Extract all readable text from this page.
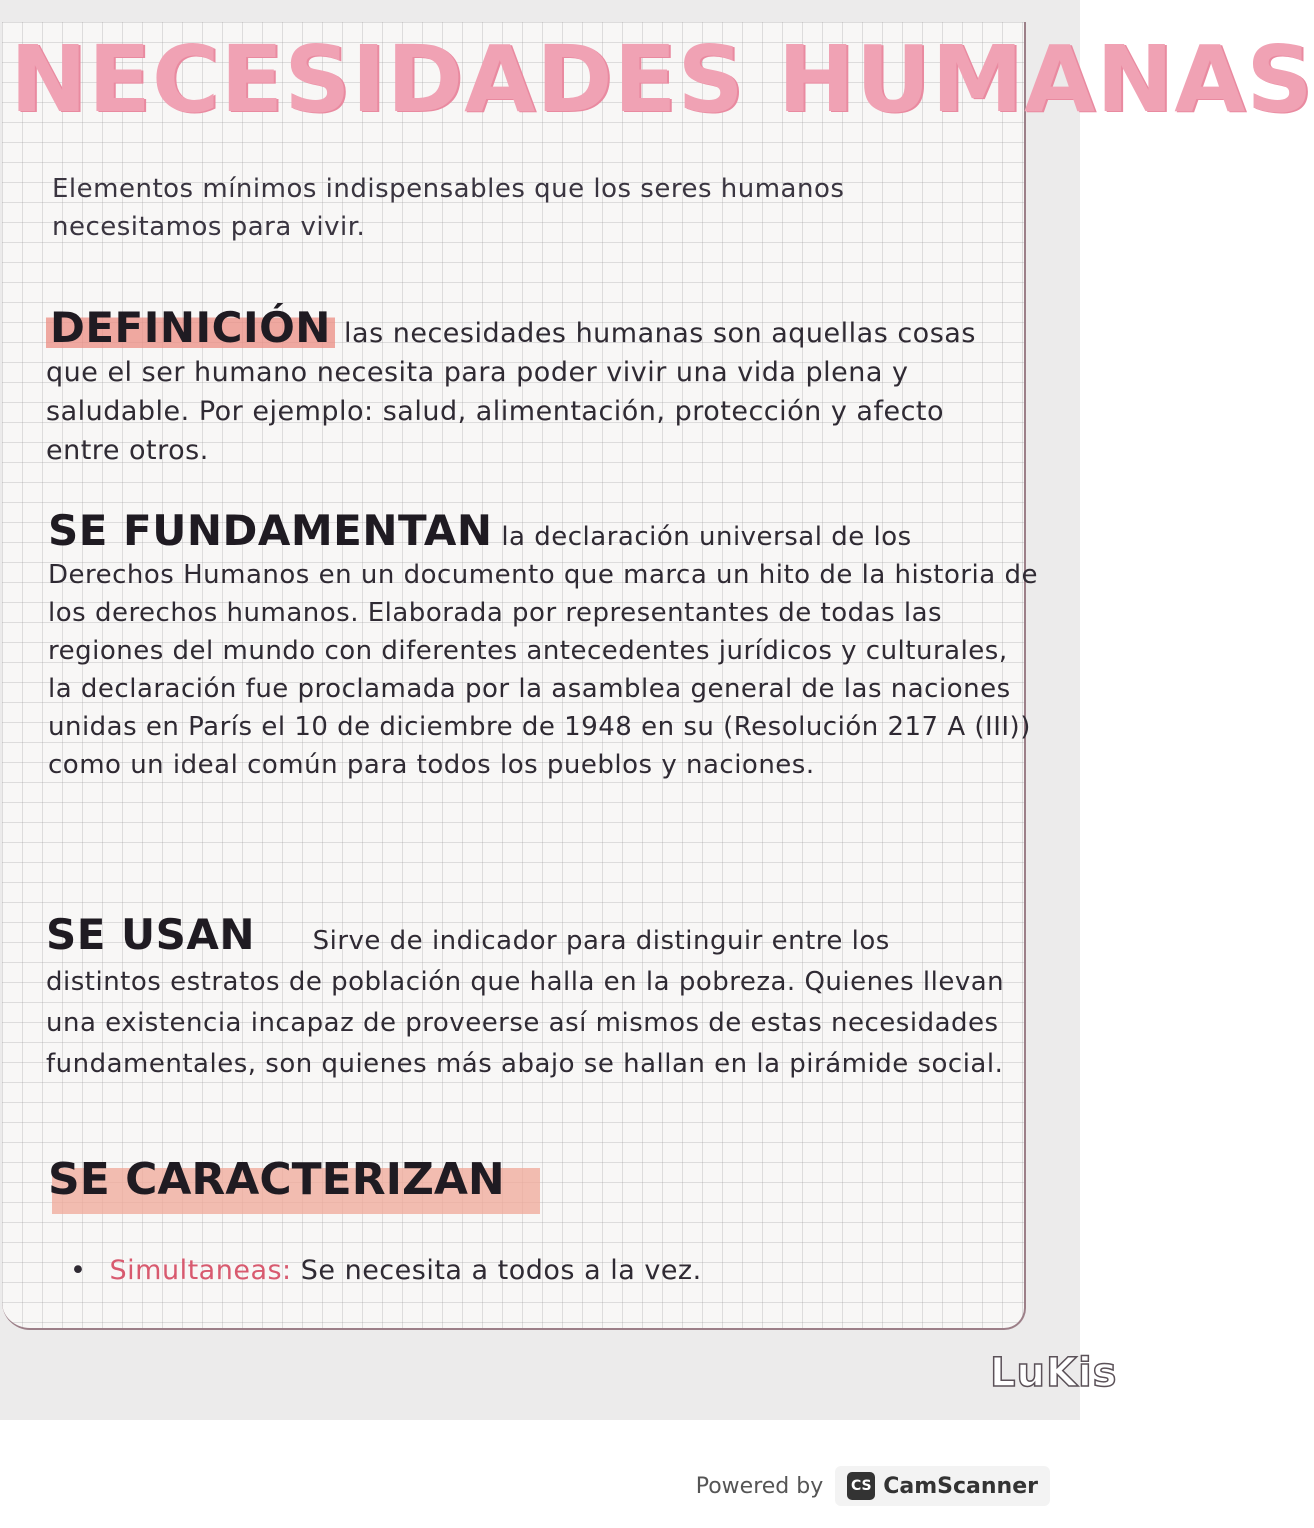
NECESIDADES HUMANAS

Elementos mínimos indispensables que los seres humanos necesitamos para vivir.

DEFINICIÓN las necesidades humanas son aquellas cosas que el ser humano necesita para poder vivir una vida plena y saludable. Por ejemplo: salud, alimentación, protección y afecto entre otros.

SE FUNDAMENTAN la declaración universal de los Derechos Humanos en un documento que marca un hito de la historia de los derechos humanos. Elaborada por representantes de todas las regiones del mundo con diferentes antecedentes jurídicos y culturales, la declaración fue proclamada por la asamblea general de las naciones unidas en París el 10 de diciembre de 1948 en su (Resolución 217 A (III)) como un ideal común para todos los pueblos y naciones.

SE USAN Sirve de indicador para distinguir entre los distintos estratos de población que halla en la pobreza. Quienes llevan una existencia incapaz de proveerse así mismos de estas necesidades fundamentales, son quienes más abajo se hallan en la pirámide social.

SE CARACTERIZAN

• Simultaneas: Se necesita a todos a la vez.

LuKis
Powered by CS CamScanner
